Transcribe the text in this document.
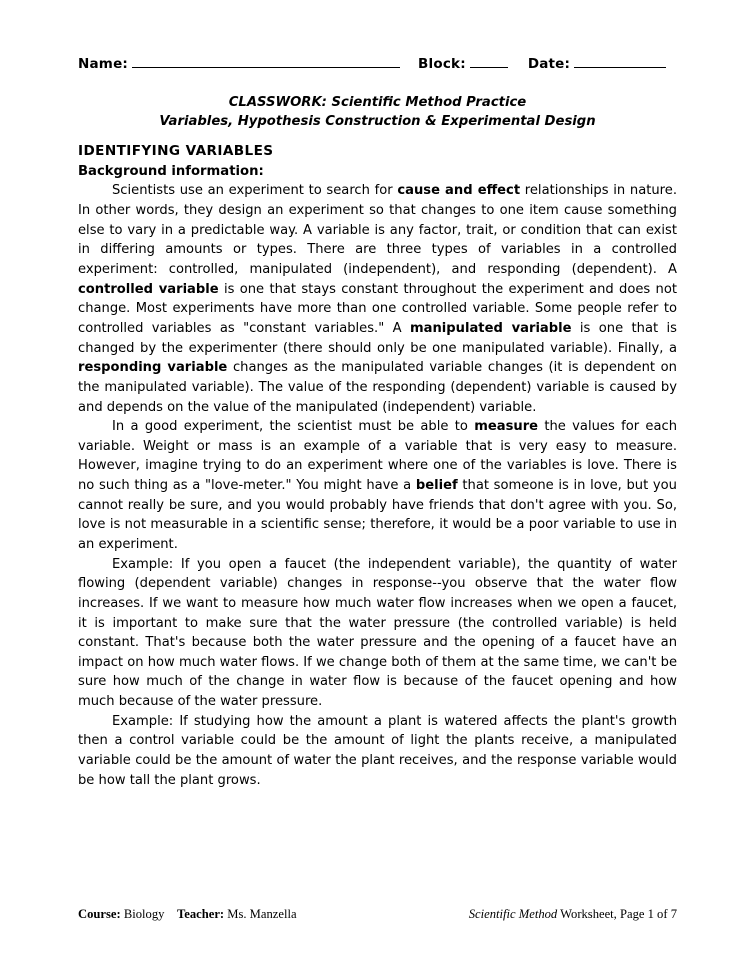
Name:	Block:	Date:
CLASSWORK: Scientific Method Practice
Variables, Hypothesis Construction & Experimental Design
IDENTIFYING VARIABLES
Background information:

Scientists use an experiment to search for cause and effect relationships in nature. In other words, they design an experiment so that changes to one item cause something else to vary in a predictable way. A variable is any factor, trait, or condition that can exist in differing amounts or types. There are three types of variables in a controlled experiment: controlled, manipulated (independent), and responding (dependent). A controlled variable is one that stays constant throughout the experiment and does not change. Most experiments have more than one controlled variable. Some people refer to controlled variables as "constant variables." A manipulated variable is one that is changed by the experimenter (there should only be one manipulated variable). Finally, a responding variable changes as the manipulated variable changes (it is dependent on the manipulated variable). The value of the responding (dependent) variable is caused by and depends on the value of the manipulated (independent) variable.

In a good experiment, the scientist must be able to measure the values for each variable. Weight or mass is an example of a variable that is very easy to measure. However, imagine trying to do an experiment where one of the variables is love. There is no such thing as a "love-meter." You might have a belief that someone is in love, but you cannot really be sure, and you would probably have friends that don't agree with you. So, love is not measurable in a scientific sense; therefore, it would be a poor variable to use in an experiment.

Example: If you open a faucet (the independent variable), the quantity of water flowing (dependent variable) changes in response--you observe that the water flow increases. If we want to measure how much water flow increases when we open a faucet, it is important to make sure that the water pressure (the controlled variable) is held constant. That's because both the water pressure and the opening of a faucet have an impact on how much water flows. If we change both of them at the same time, we can't be sure how much of the change in water flow is because of the faucet opening and how much because of the water pressure.

Example: If studying how the amount a plant is watered affects the plant's growth then a control variable could be the amount of light the plants receive, a manipulated variable could be the amount of water the plant receives, and the response variable would be how tall the plant grows.

Course: Biology Teacher: Ms. Manzella	Scientific Method Worksheet, Page 1 of 7
